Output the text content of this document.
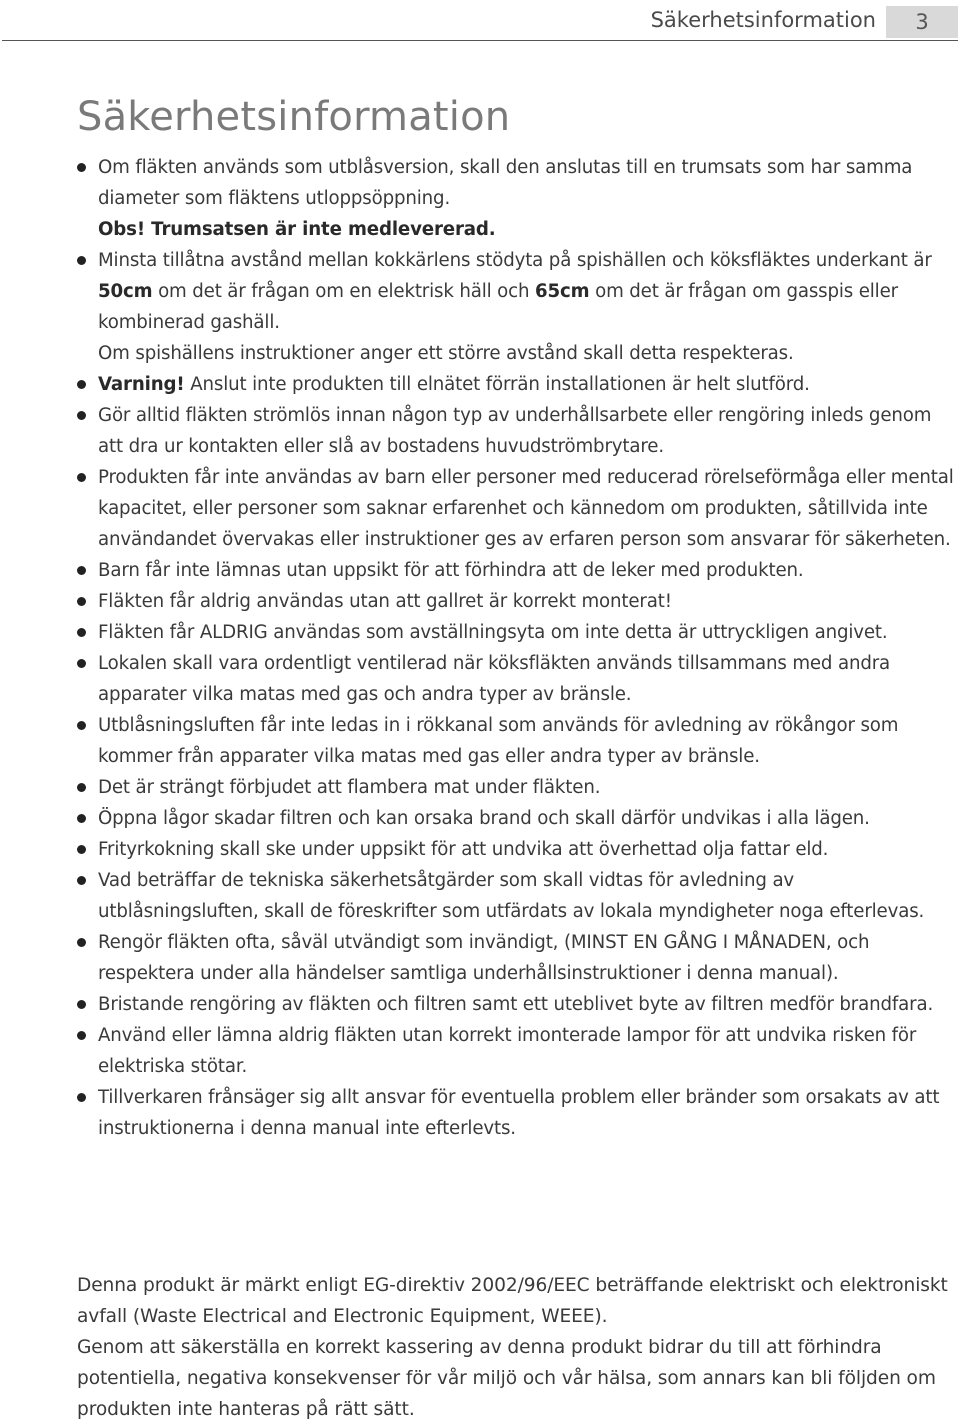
Säkerhetsinformation	3
Säkerhetsinformation
Om fläkten används som utblåsversion, skall den anslutas till en trumsats som har samma diameter som fläktens utloppsöppning.
Obs! Trumsatsen är inte medlevererad.
Minsta tillåtna avstånd mellan kokkärlens stödyta på spishällen och köksfläktes underkant är 50cm om det är frågan om en elektrisk häll och 65cm om det är frågan om gasspis eller kombinerad gashäll.
Om spishällens instruktioner anger ett större avstånd skall detta respekteras.
Varning! Anslut inte produkten till elnätet förrän installationen är helt slutförd.
Gör alltid fläkten strömlös innan någon typ av underhållsarbete eller rengöring inleds genom att dra ur kontakten eller slå av bostadens huvudströmbrytare.
Produkten får inte användas av barn eller personer med reducerad rörelseförmåga eller mental kapacitet, eller personer som saknar erfarenhet och kännedom om produkten, såtillvida inte användandet övervakas eller instruktioner ges av erfaren person som ansvarar för säkerheten.
Barn får inte lämnas utan uppsikt för att förhindra att de leker med produkten.
Fläkten får aldrig användas utan att gallret är korrekt monterat!
Fläkten får ALDRIG användas som avställningsyta om inte detta är uttryckligen angivet.
Lokalen skall vara ordentligt ventilerad när köksfläkten används tillsammans med andra apparater vilka matas med gas och andra typer av bränsle.
Utblåsningsluften får inte ledas in i rökkanal som används för avledning av rökångor som kommer från apparater vilka matas med gas eller andra typer av bränsle.
Det är strängt förbjudet att flambera mat under fläkten.
Öppna lågor skadar filtren och kan orsaka brand och skall därför undvikas i alla lägen.
Frityrkokning skall ske under uppsikt för att undvika att överhettad olja fattar eld.
Vad beträffar de tekniska säkerhetsåtgärder som skall vidtas för avledning av utblåsningsluften, skall de föreskrifter som utfärdats av lokala myndigheter noga efterlevas.
Rengör fläkten ofta, såväl utvändigt som invändigt, (MINST EN GÅNG I MÅNADEN, och respektera under alla händelser samtliga underhållsinstruktioner i denna manual).
Bristande rengöring av fläkten och filtren samt ett uteblivet byte av filtren medför brandfara.
Använd eller lämna aldrig fläkten utan korrekt imonterade lampor för att undvika risken för elektriska stötar.
Tillverkaren frånsäger sig allt ansvar för eventuella problem eller bränder som orsakats av att instruktionerna i denna manual inte efterlevts.

Denna produkt är märkt enligt EG-direktiv 2002/96/EEC beträffande elektriskt och elektroniskt avfall (Waste Electrical and Electronic Equipment, WEEE).

Genom att säkerställa en korrekt kassering av denna produkt bidrar du till att förhindra potentiella, negativa konsekvenser för vår miljö och vår hälsa, som annars kan bli följden om produkten inte hanteras på rätt sätt.
